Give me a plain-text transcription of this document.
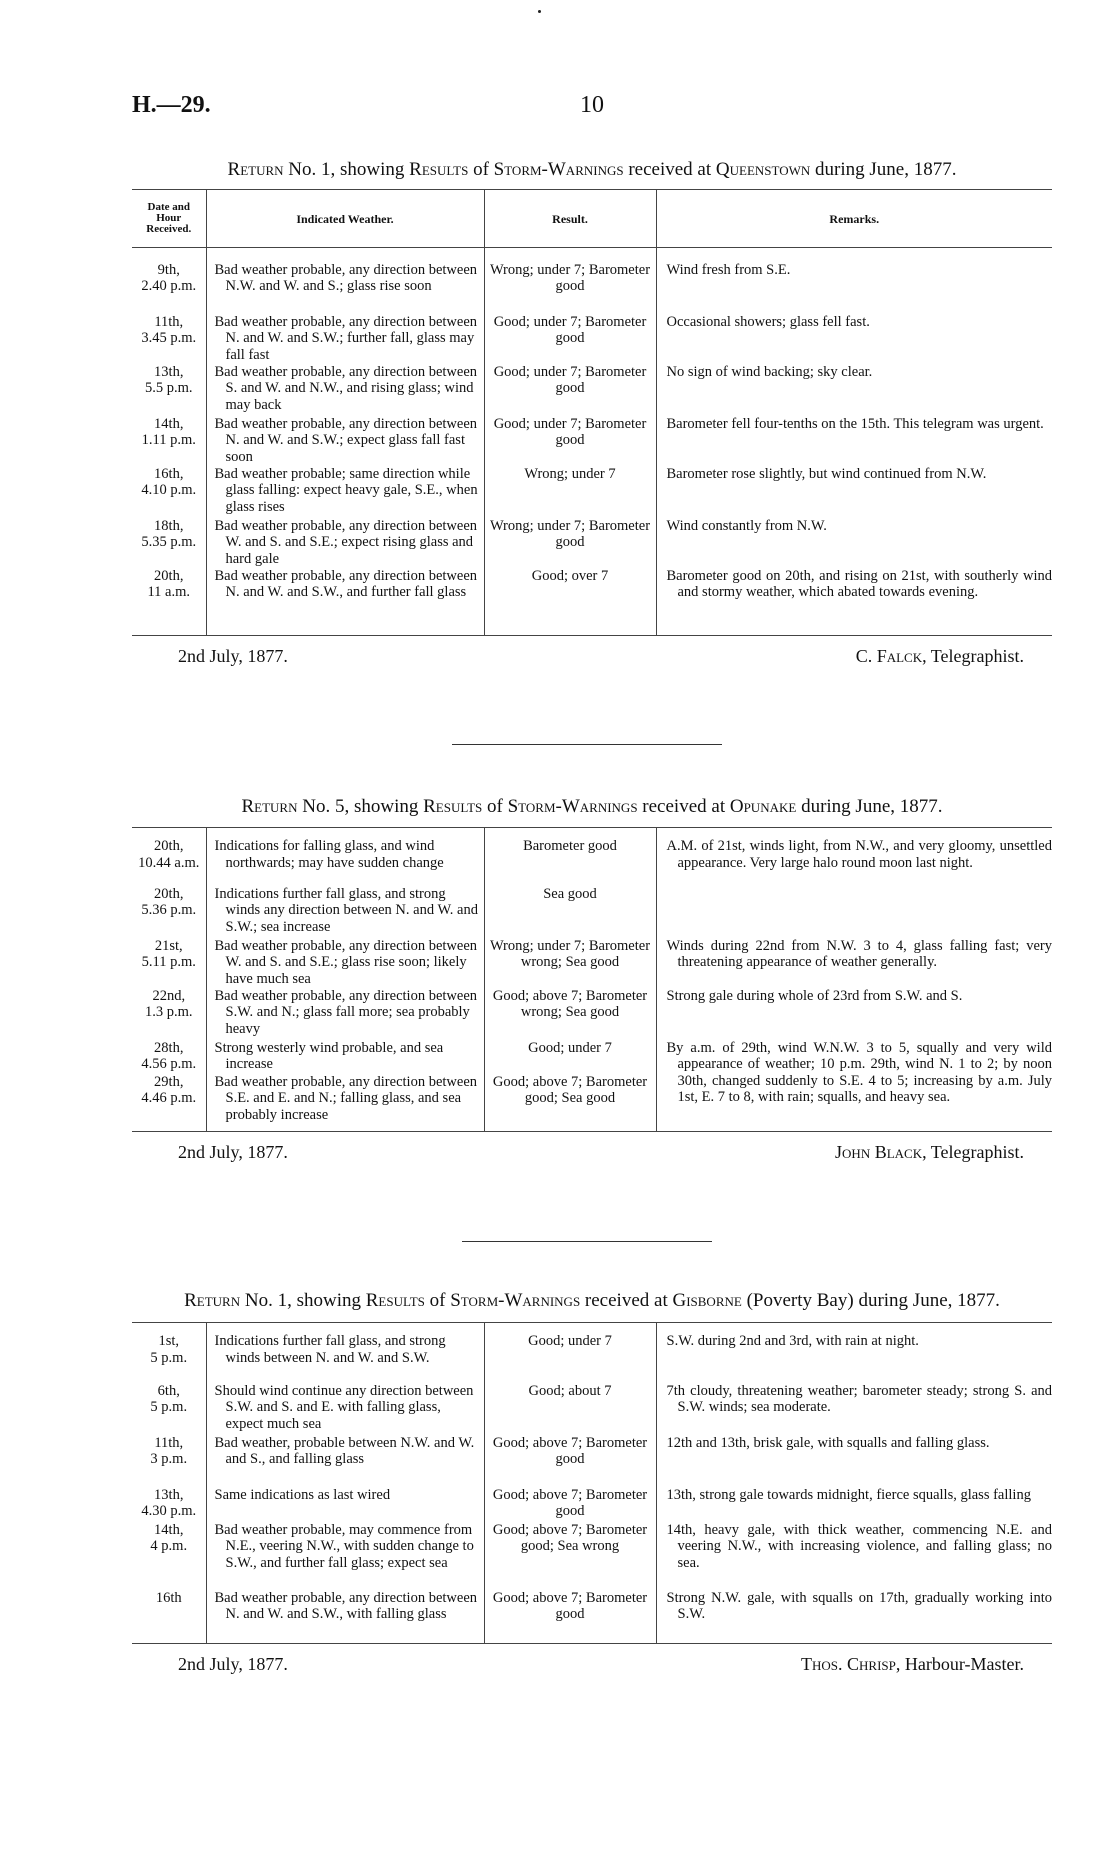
H.—29.	10
Return No. 1, showing Results of Storm-Warnings received at Queenstown during June, 1877.
Date and Hour Received.	Indicated Weather.	Result.	Remarks.

9th,
2.40 p.m.	Bad weather probable, any direction between N.W. and W. and S.; glass rise soon	Wrong; under 7; Barometer good	Wind fresh from S.E.

11th,
3.45 p.m.	Bad weather probable, any direction between N. and W. and S.W.; further fall, glass may fall fast	Good; under 7; Barometer good	Occasional showers; glass fell fast.

13th,
5.5 p.m.	Bad weather probable, any direction between S. and W. and N.W., and rising glass; wind may back	Good; under 7; Barometer good	No sign of wind backing; sky clear.

14th,
1.11 p.m.	Bad weather probable, any direction between N. and W. and S.W.; expect glass fall fast soon	Good; under 7; Barometer good	Barometer fell four-tenths on the 15th. This telegram was urgent.

16th,
4.10 p.m.	Bad weather probable; same direction while glass falling: expect heavy gale, S.E., when glass rises	Wrong; under 7	Barometer rose slightly, but wind continued from N.W.

18th,
5.35 p.m.	Bad weather probable, any direction between W. and S. and S.E.; expect rising glass and hard gale	Wrong; under 7; Barometer good	Wind constantly from N.W.

20th,
11 a.m.	Bad weather probable, any direction between N. and W. and S.W., and further fall glass	Good; over 7	Barometer good on 20th, and rising on 21st, with southerly wind and stormy weather, which abated towards evening.
2nd July, 1877.	C. Falck, Telegraphist.
Return No. 5, showing Results of Storm-Warnings received at Opunake during June, 1877.
20th,
10.44 a.m.	Indications for falling glass, and wind northwards; may have sudden change	Barometer good	A.M. of 21st, winds light, from N.W., and very gloomy, unsettled appearance. Very large halo round moon last night.

20th,
5.36 p.m.	Indications further fall glass, and strong winds any direction between N. and W. and S.W.; sea increase	Sea good	

21st,
5.11 p.m.	Bad weather probable, any direction between W. and S. and S.E.; glass rise soon; likely have much sea	Wrong; under 7; Barometer wrong; Sea good	Winds during 22nd from N.W. 3 to 4, glass falling fast; very threatening appearance of weather generally.

22nd,
1.3 p.m.	Bad weather probable, any direction between S.W. and N.; glass fall more; sea probably heavy	Good; above 7; Barometer wrong; Sea good	Strong gale during whole of 23rd from S.W. and S.

28th,
4.56 p.m.	Strong westerly wind probable, and sea increase	Good; under 7	By a.m. of 29th, wind W.N.W. 3 to 5, squally and very wild appearance of weather; 10 p.m. 29th, wind N. 1 to 2; by noon 30th, changed suddenly to S.E. 4 to 5; increasing by a.m. July 1st, E. 7 to 8, with rain; squalls, and heavy sea.

29th,
4.46 p.m.	Bad weather probable, any direction between S.E. and E. and N.; falling glass, and sea probably increase	Good; above 7; Barometer good; Sea good	
2nd July, 1877.	John Black, Telegraphist.
Return No. 1, showing Results of Storm-Warnings received at Gisborne (Poverty Bay) during June, 1877.
1st,
5 p.m.	Indications further fall glass, and strong winds between N. and W. and S.W.	Good; under 7	S.W. during 2nd and 3rd, with rain at night.

6th,
5 p.m.	Should wind continue any direction between S.W. and S. and E. with falling glass, expect much sea	Good; about 7	7th cloudy, threatening weather; barometer steady; strong S. and S.W. winds; sea moderate.

11th,
3 p.m.	Bad weather, probable between N.W. and W. and S., and falling glass	Good; above 7; Barometer good	12th and 13th, brisk gale, with squalls and falling glass.

13th,
4.30 p.m.	Same indications as last wired	Good; above 7; Barometer good	13th, strong gale towards midnight, fierce squalls, glass falling

14th,
4 p.m.	Bad weather probable, may commence from N.E., veering N.W., with sudden change to S.W., and further fall glass; expect sea	Good; above 7; Barometer good; Sea wrong	14th, heavy gale, with thick weather, commencing N.E. and veering N.W., with increasing violence, and falling glass; no sea.

16th	Bad weather probable, any direction between N. and W. and S.W., with falling glass	Good; above 7; Barometer good	Strong N.W. gale, with squalls on 17th, gradually working into S.W.
2nd July, 1877.	Thos. Chrisp, Harbour-Master.
